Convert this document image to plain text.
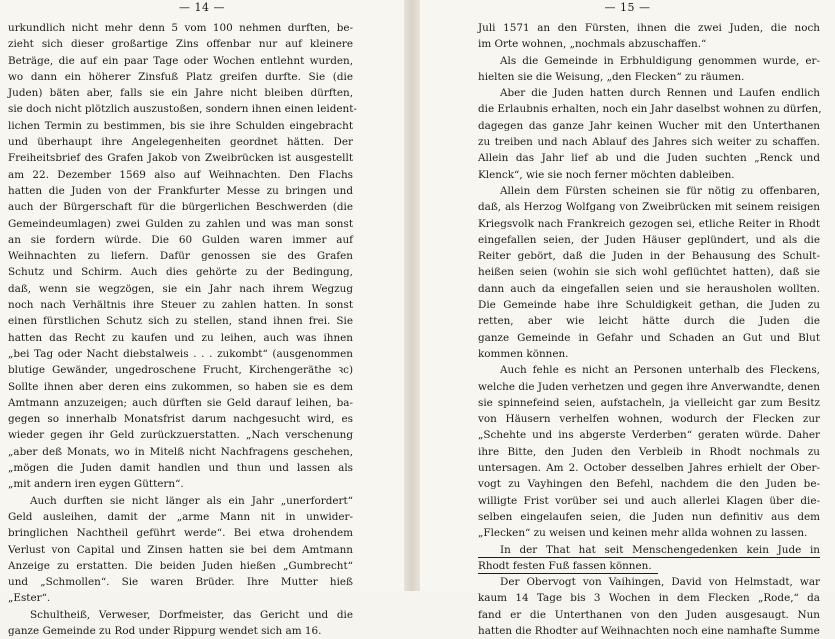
— 14 —
urkundlich nicht mehr denn 5 vom 100 nehmen durften, be-
zieht sich dieser großartige Zins offenbar nur auf kleinere
Beträge, die auf ein paar Tage oder Wochen entlehnt wurden,
wo dann ein höherer Zinsfuß Platz greifen durfte. Sie (die
Juden) bäten aber, falls sie ein Jahre nicht bleiben dürften,
sie doch nicht plötzlich auszustoßen, sondern ihnen einen leident-
lichen Termin zu bestimmen, bis sie ihre Schulden eingebracht
und überhaupt ihre Angelegenheiten geordnet hätten. Der
Freiheitsbrief des Grafen Jakob von Zweibrücken ist ausgestellt
am 22. Dezember 1569 also auf Weihnachten. Den Flachs
hatten die Juden von der Frankfurter Messe zu bringen und
auch der Bürgerschaft für die bürgerlichen Beschwerden (die
Gemeindeumlagen) zwei Gulden zu zahlen und was man sonst
an sie fordern würde. Die 60 Gulden waren immer auf
Weihnachten zu liefern. Dafür genossen sie des Grafen
Schutz und Schirm. Auch dies gehörte zu der Bedingung,
daß, wenn sie wegzögen, sie ein Jahr nach ihrem Wegzug
noch nach Verhältnis ihre Steuer zu zahlen hatten. In sonst
einen fürstlichen Schutz sich zu stellen, stand ihnen frei. Sie
hatten das Recht zu kaufen und zu leihen, auch was ihnen
„bei Tag oder Nacht diebstalweis . . . zukombt“ (ausgenommen
blutige Gewänder, ungedroschene Frucht, Kirchengeräthe ꝛc)
Sollte ihnen aber deren eins zukommen, so haben sie es dem
Amtmann anzuzeigen; auch dürften sie Geld darauf leihen, ba-
gegen so innerhalb Monatsfrist darum nachgesucht wird, es
wieder gegen ihr Geld zurückzuerstatten. „Nach verschenung
„aber deß Monats, wo in Mitelß nicht Nachfragens geschehen,
„mögen die Juden damit handlen und thun und lassen als
„mit andern iren eygen Güttern“.
Auch durften sie nicht länger als ein Jahr „unerfordert“
Geld ausleihen, damit der „arme Mann nit in unwider-
bringlichen Nachtheil geführt werde“. Bei etwa drohendem
Verlust von Capital und Zinsen hatten sie bei dem Amtmann
Anzeige zu erstatten. Die beiden Juden hießen „Gumbrecht“
und „Schmollen“. Sie waren Brüder. Ihre Mutter hieß
„Ester“.
Schultheiß, Verweser, Dorfmeister, das Gericht und die
ganze Gemeinde zu Rod under Rippurg wendet sich am 16.
— 15 —
Juli 1571 an den Fürsten, ihnen die zwei Juden, die noch
im Orte wohnen, „nochmals abzuschaffen.“
Als die Gemeinde in Erbhuldigung genommen wurde, er-
hielten sie die Weisung, „den Flecken“ zu räumen.
Aber die Juden hatten durch Rennen und Laufen endlich
die Erlaubnis erhalten, noch ein Jahr daselbst wohnen zu dürfen,
dagegen das ganze Jahr keinen Wucher mit den Unterthanen
zu treiben und nach Ablauf des Jahres sich weiter zu schaffen.
Allein das Jahr lief ab und die Juden suchten „Renck und
Klenck“, wie sie noch ferner möchten dableiben.
Allein dem Fürsten scheinen sie für nötig zu offenbaren,
daß, als Herzog Wolfgang von Zweibrücken mit seinem reisigen
Kriegsvolk nach Frankreich gezogen sei, etliche Reiter in Rhodt
eingefallen seien, der Juden Häuser geplündert, und als die
Reiter gebört, daß die Juden in der Behausung des Schult-
heißen seien (wohin sie sich wohl geflüchtet hatten), daß sie
dann auch da eingefallen seien und sie herausholen wollten.
Die Gemeinde habe ihre Schuldigkeit gethan, die Juden zu
retten, aber wie leicht hätte durch die Juden die
ganze Gemeinde in Gefahr und Schaden an Gut und Blut
kommen können.
Auch fehle es nicht an Personen unterhalb des Fleckens,
welche die Juden verhetzen und gegen ihre Anverwandte, denen
sie spinnefeind seien, aufstacheln, ja vielleicht gar zum Besitz
von Häusern verhelfen wohnen, wodurch der Flecken zur
„Schehte und ins abgerste Verderben“ geraten würde. Daher
ihre Bitte, den Juden den Verbleib in Rhodt nochmals zu
untersagen. Am 2. October desselben Jahres erhielt der Ober-
vogt zu Vayhingen den Befehl, nachdem die den Juden be-
willigte Frist vorüber sei und auch allerlei Klagen über die-
selben eingelaufen seien, die Juden nun definitiv aus dem
„Flecken“ zu weisen und keinen mehr allda wohnen zu lassen.
In der That hat seit Menschengedenken kein Jude in
Rhodt festen Fuß fassen können.
Der Obervogt von Vaihingen, David von Helmstadt, war
kaum 14 Tage bis 3 Wochen in dem Flecken „Rode,“ da
fand er die Unterthanen von den Juden ausgesaugt. Nun
hatten die Rhodter auf Weihnachten noch eine namhafte Summe
